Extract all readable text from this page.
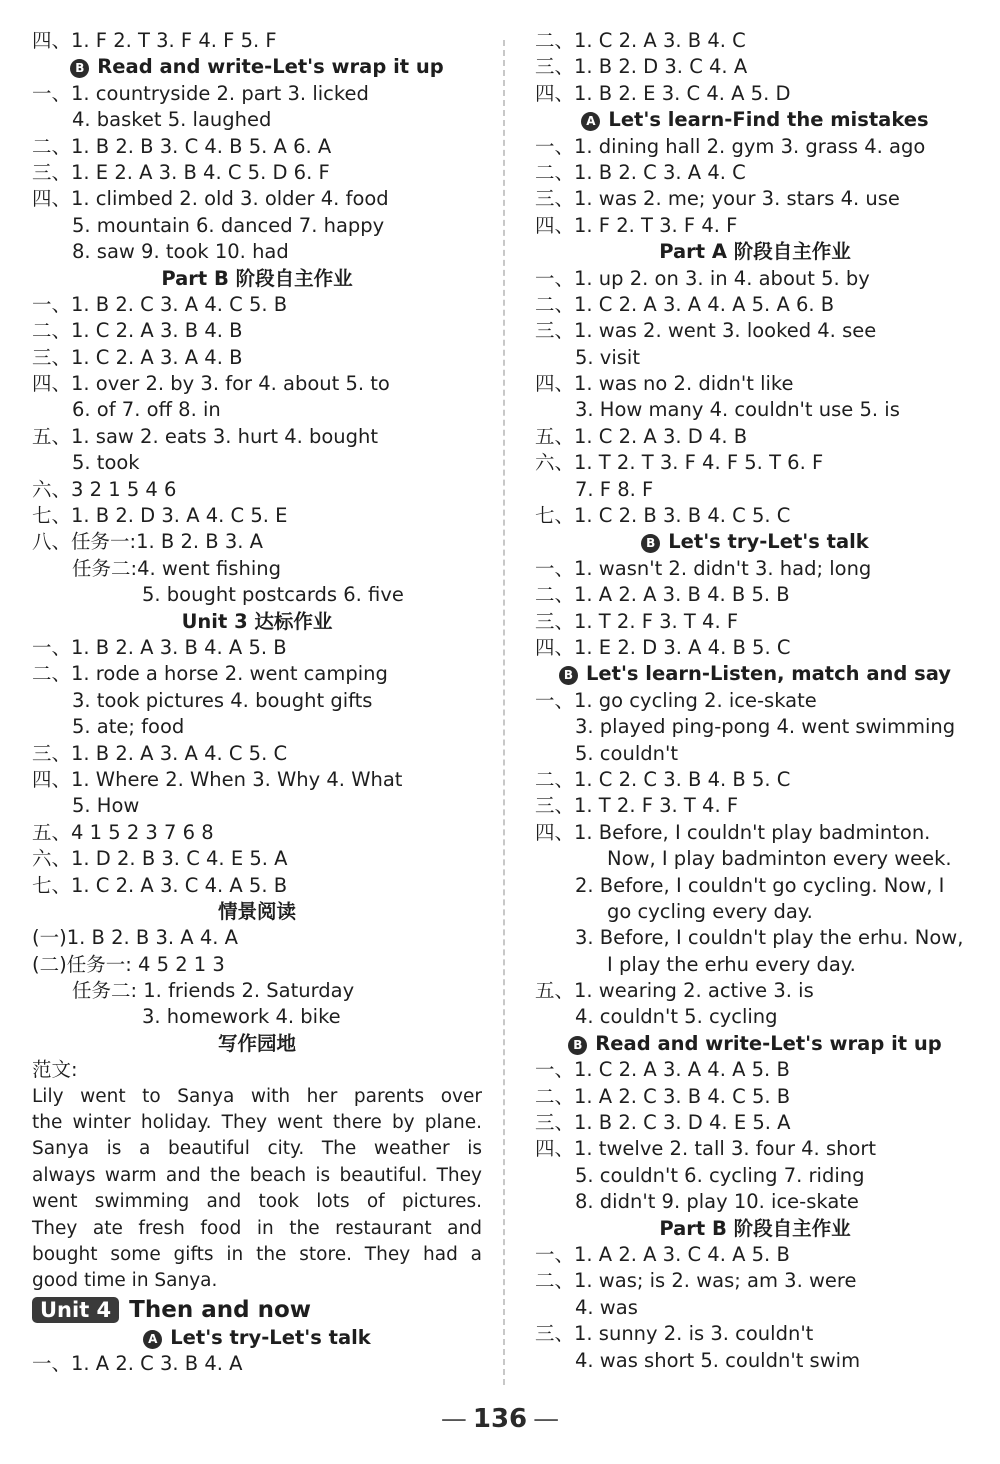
四、1. F 2. T 3. F 4. F 5. F
B Read and write-Let's wrap it up
一、1. countryside 2. part 3. licked
4. basket 5. laughed
二、1. B 2. B 3. C 4. B 5. A 6. A
三、1. E 2. A 3. B 4. C 5. D 6. F
四、1. climbed 2. old 3. older 4. food
5. mountain 6. danced 7. happy
8. saw 9. took 10. had
Part B 阶段自主作业
一、1. B 2. C 3. A 4. C 5. B
二、1. C 2. A 3. B 4. B
三、1. C 2. A 3. A 4. B
四、1. over 2. by 3. for 4. about 5. to
6. of 7. off 8. in
五、1. saw 2. eats 3. hurt 4. bought
5. took
六、3 2 1 5 4 6
七、1. B 2. D 3. A 4. C 5. E
八、任务一:1. B 2. B 3. A
任务二:4. went fishing
5. bought postcards 6. five
Unit 3 达标作业
一、1. B 2. A 3. B 4. A 5. B
二、1. rode a horse 2. went camping
3. took pictures 4. bought gifts
5. ate; food
三、1. B 2. A 3. A 4. C 5. C
四、1. Where 2. When 3. Why 4. What
5. How
五、4 1 5 2 3 7 6 8
六、1. D 2. B 3. C 4. E 5. A
七、1. C 2. A 3. C 4. A 5. B
情景阅读
(一)1. B 2. B 3. A 4. A
(二)任务一: 4 5 2 1 3
任务二: 1. friends 2. Saturday
3. homework 4. bike
写作园地
范文:
Lily went to Sanya with her parents over
the winter holiday. They went there by plane.
Sanya is a beautiful city. The weather is
always warm and the beach is beautiful. They
went swimming and took lots of pictures.
They ate fresh food in the restaurant and
bought some gifts in the store. They had a
good time in Sanya.
Unit 4 Then and now
A Let's try-Let's talk
一、1. A 2. C 3. B 4. A
二、1. C 2. A 3. B 4. C
三、1. B 2. D 3. C 4. A
四、1. B 2. E 3. C 4. A 5. D
A Let's learn-Find the mistakes
一、1. dining hall 2. gym 3. grass 4. ago
二、1. B 2. C 3. A 4. C
三、1. was 2. me; your 3. stars 4. use
四、1. F 2. T 3. F 4. F
Part A 阶段自主作业
一、1. up 2. on 3. in 4. about 5. by
二、1. C 2. A 3. A 4. A 5. A 6. B
三、1. was 2. went 3. looked 4. see
5. visit
四、1. was no 2. didn't like
3. How many 4. couldn't use 5. is
五、1. C 2. A 3. D 4. B
六、1. T 2. T 3. F 4. F 5. T 6. F
7. F 8. F
七、1. C 2. B 3. B 4. C 5. C
B Let's try-Let's talk
一、1. wasn't 2. didn't 3. had; long
二、1. A 2. A 3. B 4. B 5. B
三、1. T 2. F 3. T 4. F
四、1. E 2. D 3. A 4. B 5. C
B Let's learn-Listen, match and say
一、1. go cycling 2. ice-skate
3. played ping-pong 4. went swimming
5. couldn't
二、1. C 2. C 3. B 4. B 5. C
三、1. T 2. F 3. T 4. F
四、1. Before, I couldn't play badminton.
Now, I play badminton every week.
2. Before, I couldn't go cycling. Now, I
go cycling every day.
3. Before, I couldn't play the erhu. Now,
I play the erhu every day.
五、1. wearing 2. active 3. is
4. couldn't 5. cycling
B Read and write-Let's wrap it up
一、1. C 2. A 3. A 4. A 5. B
二、1. A 2. C 3. B 4. C 5. B
三、1. B 2. C 3. D 4. E 5. A
四、1. twelve 2. tall 3. four 4. short
5. couldn't 6. cycling 7. riding
8. didn't 9. play 10. ice-skate
Part B 阶段自主作业
一、1. A 2. A 3. C 4. A 5. B
二、1. was; is 2. was; am 3. were
4. was
三、1. sunny 2. is 3. couldn't
4. was short 5. couldn't swim
— 136 —
